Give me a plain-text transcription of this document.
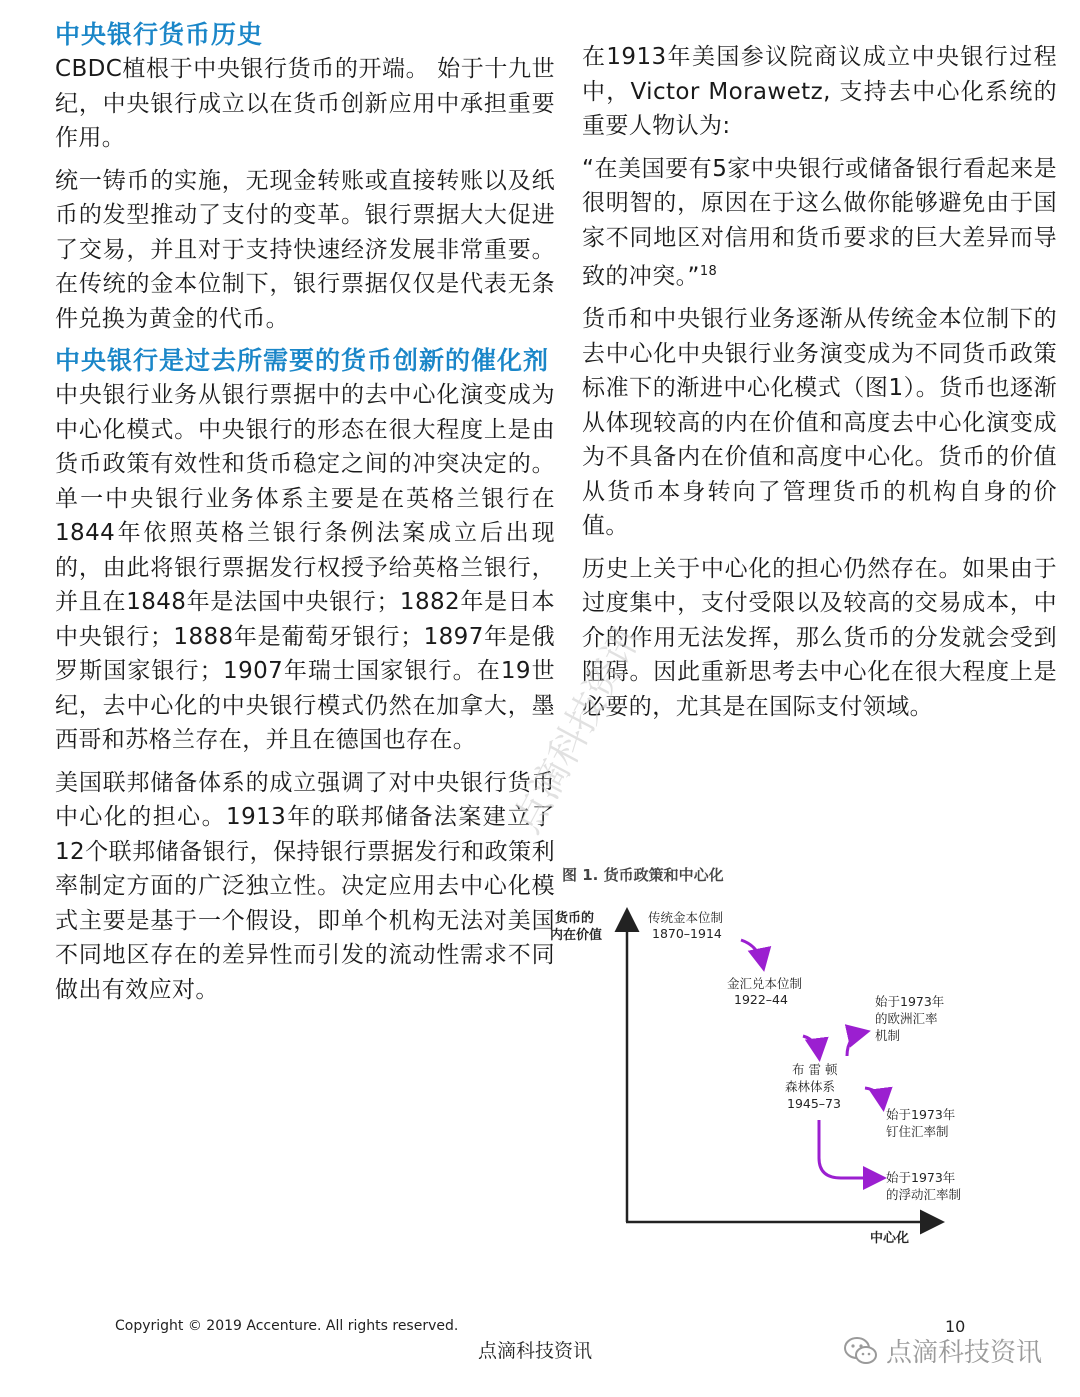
中央银行货币历史

CBDC植根于中央银行货币的开端。 始于十九世纪，中央银行成立以在货币创新应用中承担重要作用。

统一铸币的实施，无现金转账或直接转账以及纸币的发型推动了支付的变革。银行票据大大促进了交易，并且对于支持快速经济发展非常重要。在传统的金本位制下，银行票据仅仅是代表无条件兑换为黄金的代币。

中央银行是过去所需要的货币创新的催化剂

中央银行业务从银行票据中的去中心化演变成为中心化模式。中央银行的形态在很大程度上是由货币政策有效性和货币稳定之间的冲突决定的。单一中央银行业务体系主要是在英格兰银行在1844年依照英格兰银行条例法案成立后出现的，由此将银行票据发行权授予给英格兰银行，并且在1848年是法国中央银行；1882年是日本中央银行；1888年是葡萄牙银行；1897年是俄罗斯国家银行；1907年瑞士国家银行。在19世纪，去中心化的中央银行模式仍然在加拿大，墨西哥和苏格兰存在，并且在德国也存在。

美国联邦储备体系的成立强调了对中央银行货币中心化的担心。1913年的联邦储备法案建立了12个联邦储备银行，保持银行票据发行和政策利率制定方面的广泛独立性。决定应用去中心化模式主要是基于一个假设，即单个机构无法对美国不同地区存在的差异性而引发的流动性需求不同做出有效应对。

在1913年美国参议院商议成立中央银行过程中，Victor Morawetz, 支持去中心化系统的重要人物认为:

“在美国要有5家中央银行或储备银行看起来是很明智的，原因在于这么做你能够避免由于国家不同地区对信用和货币要求的巨大差异而导致的冲突。”$^{18}$

货币和中央银行业务逐渐从传统金本位制下的去中心化中央银行业务演变成为不同货币政策标准下的渐进中心化模式（图1）。货币也逐渐从体现较高的内在价值和高度去中心化演变成为不具备内在价值和高度中心化。货币的价值从货币本身转向了管理货币的机构自身的价值。

历史上关于中心化的担心仍然存在。如果由于过度集中，支付受限以及较高的交易成本，中介的作用无法发挥，那么货币的分发就会受到阻碍。因此重新思考去中心化在很大程度上是必要的，尤其是在国际支付领域。

点滴科技资讯
图 1. 货币政策和中心化
货币的
内在价值
中心化
传统金本位制
1870–1914
金汇兑本位制
1922–44
布 雷 顿
森林体系
1945–73
始于1973年
的欧洲汇率
机制
始于1973年
钉住汇率制
始于1973年
的浮动汇率制
Copyright © 2019 Accenture. All rights reserved.	10
点滴科技资讯	点滴科技资讯
